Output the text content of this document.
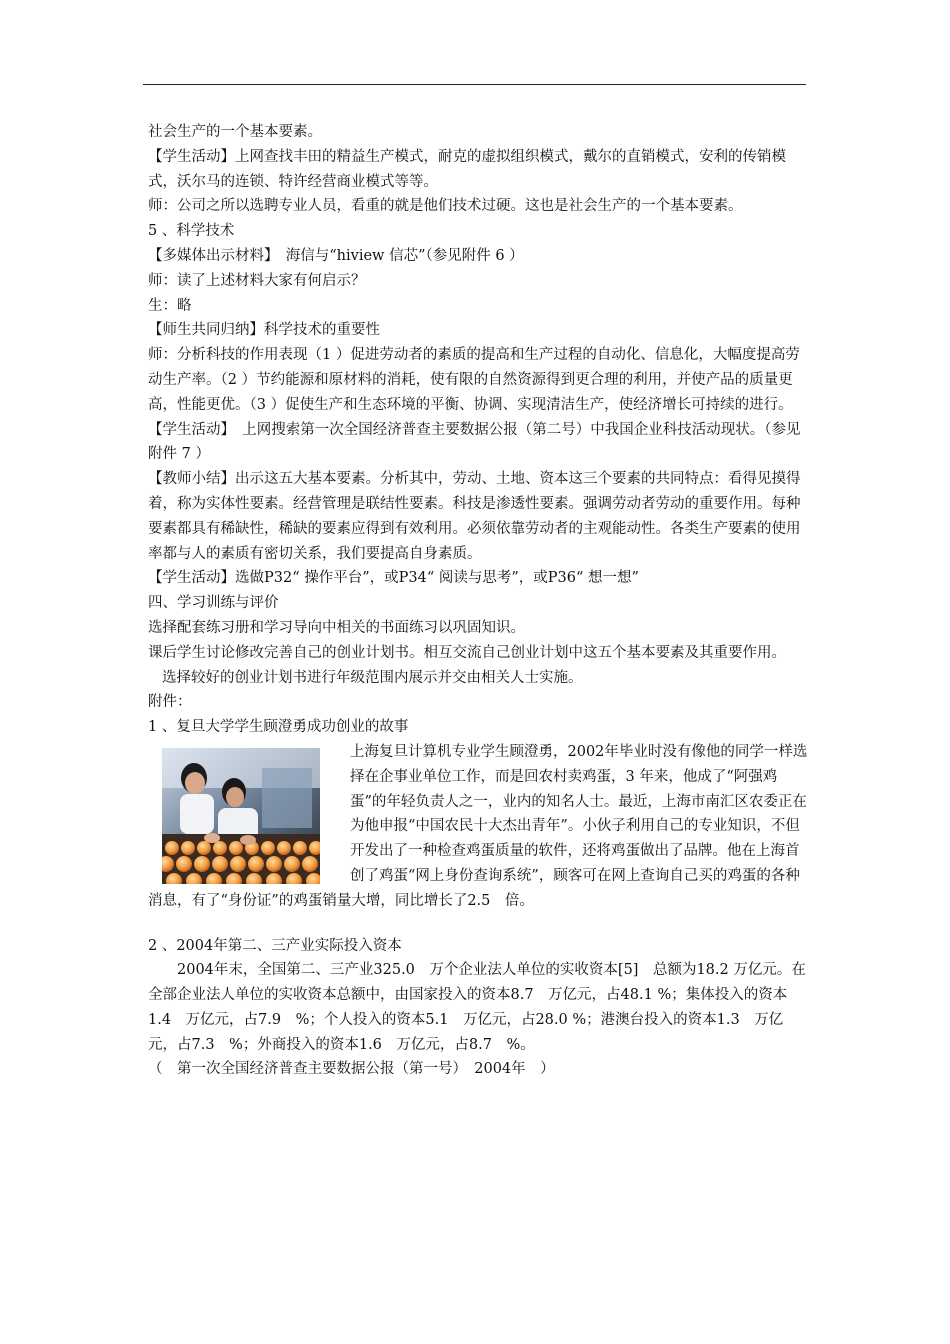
社会生产的一个基本要素。

【学生活动】上网查找丰田的精益生产模式，耐克的虚拟组织模式，戴尔的直销模式，安利的传销模式，沃尔马的连锁、特许经营商业模式等等。

师：公司之所以选聘专业人员，看重的就是他们技术过硬。这也是社会生产的一个基本要素。

5 、科学技术

【多媒体出示材料】　海信与“hiview 信芯”（参见附件 6 ）

师：读了上述材料大家有何启示？

生：略

【师生共同归纳】科学技术的重要性

师：分析科技的作用表现（1 ）促进劳动者的素质的提高和生产过程的自动化、信息化，大幅度提高劳动生产率。（2 ）节约能源和原材料的消耗，使有限的自然资源得到更合理的利用，并使产品的质量更高，性能更优。（3 ）促使生产和生态环境的平衡、协调、实现清洁生产，使经济增长可持续的进行。

【学生活动】　上网搜索第一次全国经济普查主要数据公报（第二号）中我国企业科技活动现状。（参见附件 7 ）

【教师小结】出示这五大基本要素。分析其中，劳动、土地、资本这三个要素的共同特点：看得见摸得着，称为实体性要素。经营管理是联结性要素。科技是渗透性要素。强调劳动者劳动的重要作用。每种要素都具有稀缺性，稀缺的要素应得到有效利用。必须依靠劳动者的主观能动性。各类生产要素的使用率都与人的素质有密切关系，我们要提高自身素质。

【学生活动】选做P32“ 操作平台”，或P34“ 阅读与思考”，或P36“ 想一想”

四、学习训练与评价

选择配套练习册和学习导向中相关的书面练习以巩固知识。

课后学生讨论修改完善自己的创业计划书。相互交流自己创业计划中这五个基本要素及其重要作用。

选择较好的创业计划书进行年级范围内展示并交由相关人士实施。

附件：

1 、复旦大学学生顾澄勇成功创业的故事

上海复旦计算机专业学生顾澄勇，2002年毕业时没有像他的同学一样选择在企事业单位工作，而是回农村卖鸡蛋，3 年来，他成了“阿强鸡蛋”的年轻负责人之一，业内的知名人士。最近，上海市南汇区农委正在为他申报“中国农民十大杰出青年”。小伙子利用自己的专业知识，不但开发出了一种检查鸡蛋质量的软件，还将鸡蛋做出了品牌。他在上海首创了鸡蛋“网上身份查询系统”，顾客可在网上查询自己买的鸡蛋的各种消息，有了“身份证”的鸡蛋销量大增，同比增长了2.5　倍。

2 、2004年第二、三产业实际投入资本

2004年末，全国第二、三产业325.0　万个企业法人单位的实收资本[5]　总额为18.2 万亿元。在全部企业法人单位的实收资本总额中，由国家投入的资本8.7　万亿元，占48.1 %；集体投入的资本1.4　万亿元，占7.9　%；个人投入的资本5.1　万亿元，占28.0 %；港澳台投入的资本1.3　万亿元，占7.3　%；外商投入的资本1.6　万亿元，占8.7　%。

（　第一次全国经济普查主要数据公报（第一号）　2004年　）
